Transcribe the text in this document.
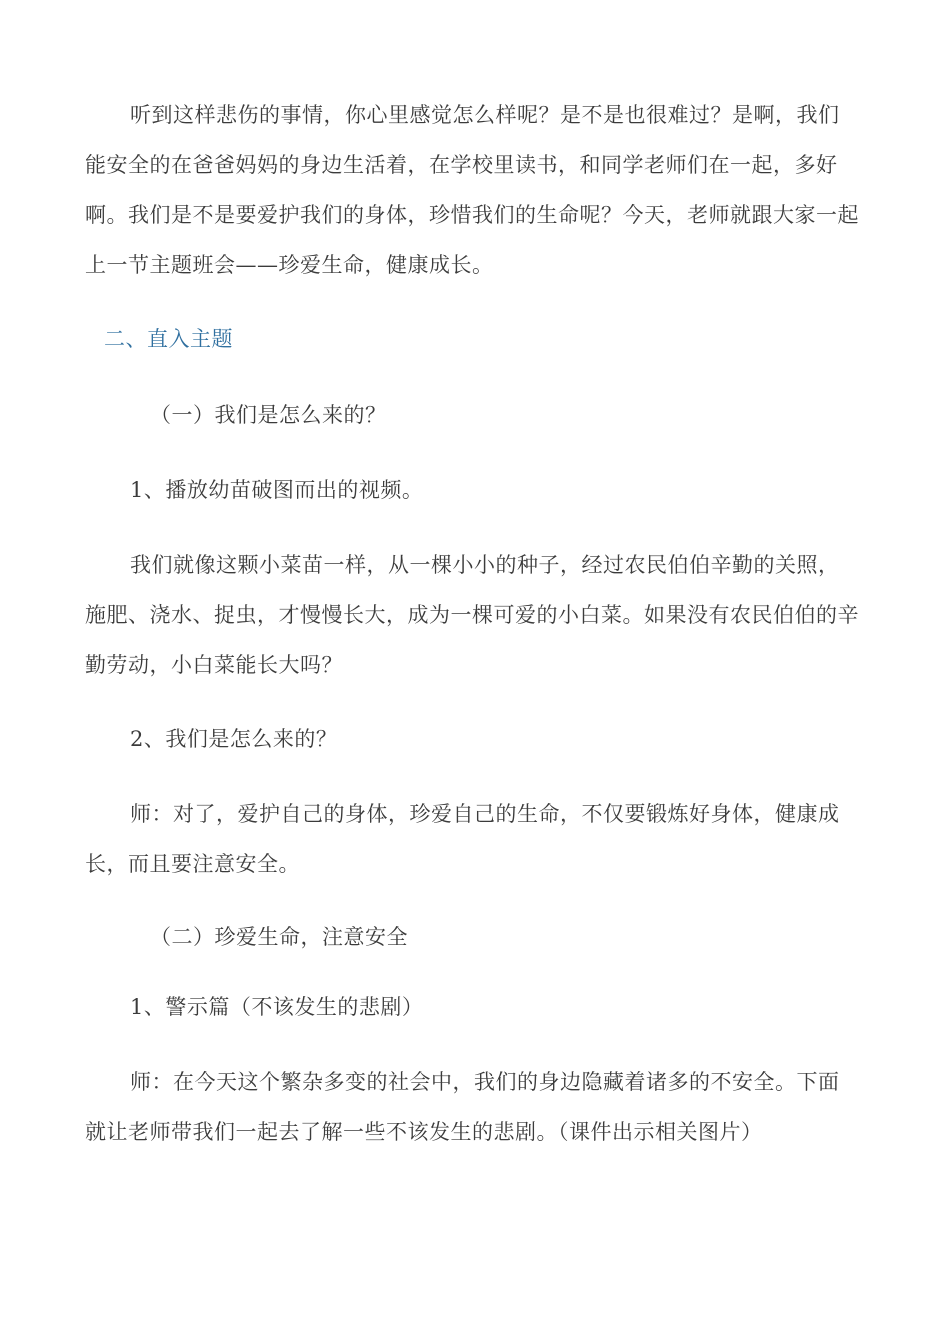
听到这样悲伤的事情，你心里感觉怎么样呢？是不是也很难过？是啊，我们能安全的在爸爸妈妈的身边生活着，在学校里读书，和同学老师们在一起，多好啊。我们是不是要爱护我们的身体，珍惜我们的生命呢？今天，老师就跟大家一起上一节主题班会——珍爱生命，健康成长。
二、直入主题
（一）我们是怎么来的？
1、播放幼苗破图而出的视频。
我们就像这颗小菜苗一样，从一棵小小的种子，经过农民伯伯辛勤的关照，施肥、浇水、捉虫，才慢慢长大，成为一棵可爱的小白菜。如果没有农民伯伯的辛勤劳动，小白菜能长大吗？
2、我们是怎么来的？
师：对了，爱护自己的身体，珍爱自己的生命，不仅要锻炼好身体，健康成长，而且要注意安全。
（二）珍爱生命，注意安全
1、警示篇（不该发生的悲剧）
师：在今天这个繁杂多变的社会中，我们的身边隐藏着诸多的不安全。下面就让老师带我们一起去了解一些不该发生的悲剧。（课件出示相关图片）
